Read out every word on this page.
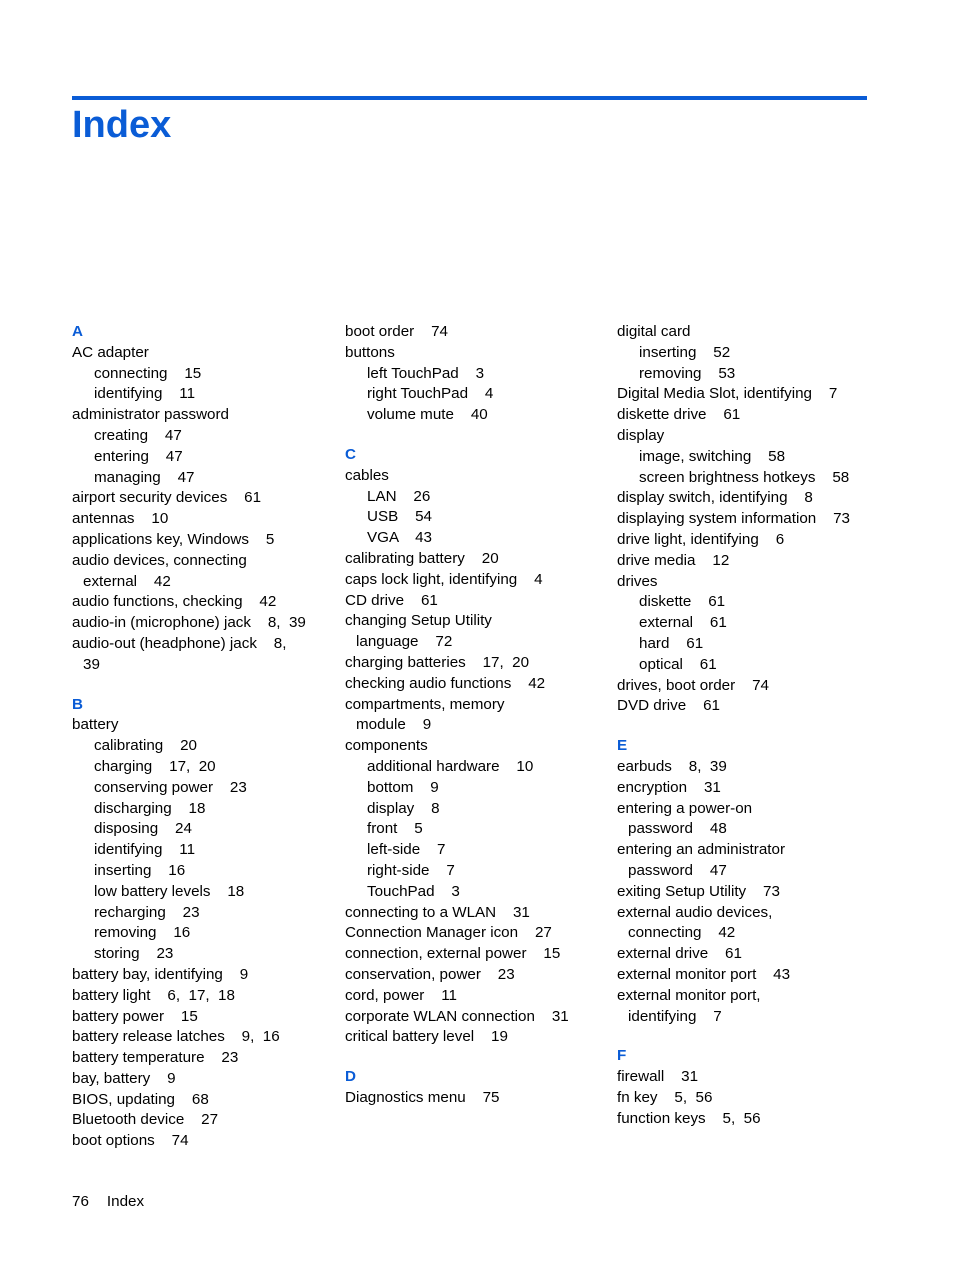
Index
A
AC adapter
connecting    15
identifying    11
administrator password
creating    47
entering    47
managing    47
airport security devices    61
antennas    10
applications key, Windows    5
audio devices, connecting
external    42
audio functions, checking    42
audio-in (microphone) jack    8,  39
audio-out (headphone) jack    8,
39
B
battery
calibrating    20
charging    17,  20
conserving power    23
discharging    18
disposing    24
identifying    11
inserting    16
low battery levels    18
recharging    23
removing    16
storing    23
battery bay, identifying    9
battery light    6,  17,  18
battery power    15
battery release latches    9,  16
battery temperature    23
bay, battery    9
BIOS, updating    68
Bluetooth device    27
boot options    74
boot order    74
buttons
left TouchPad    3
right TouchPad    4
volume mute    40
C
cables
LAN    26
USB    54
VGA    43
calibrating battery    20
caps lock light, identifying    4
CD drive    61
changing Setup Utility
language    72
charging batteries    17,  20
checking audio functions    42
compartments, memory
module    9
components
additional hardware    10
bottom    9
display    8
front    5
left-side    7
right-side    7
TouchPad    3
connecting to a WLAN    31
Connection Manager icon    27
connection, external power    15
conservation, power    23
cord, power    11
corporate WLAN connection    31
critical battery level    19
D
Diagnostics menu    75
digital card
inserting    52
removing    53
Digital Media Slot, identifying    7
diskette drive    61
display
image, switching    58
screen brightness hotkeys    58
display switch, identifying    8
displaying system information    73
drive light, identifying    6
drive media    12
drives
diskette    61
external    61
hard    61
optical    61
drives, boot order    74
DVD drive    61
E
earbuds    8,  39
encryption    31
entering a power-on
password    48
entering an administrator
password    47
exiting Setup Utility    73
external audio devices,
connecting    42
external drive    61
external monitor port    43
external monitor port,
identifying    7
F
firewall    31
fn key    5,  56
function keys    5,  56
76 Index
